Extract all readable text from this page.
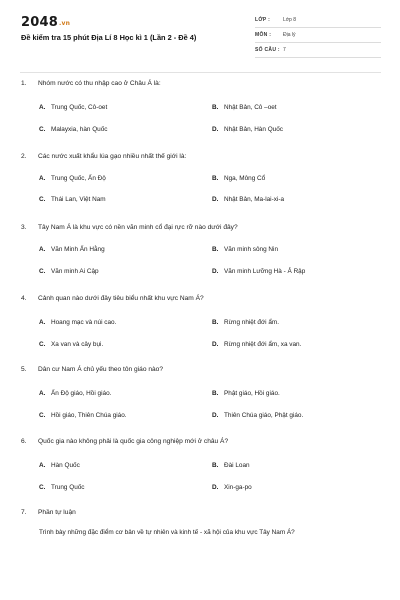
2048.vn
Đề kiểm tra 15 phút Địa Lí 8 Học kì 1 (Lần 2 - Đề 4)
LỚP :	Lớp 8
MÔN : Địa lý
SỐ CÂU : 7
1. Nhóm nước có thu nhập cao ở Châu Á là:
A. Trung Quốc, Cô-oet	B. Nhật Bản, Cô –oet
C. Malayxia, hàn Quốc	D. Nhật Bản, Hàn Quốc
2. Các nước xuất khẩu lúa gạo nhiều nhất thế giới là:
A. Trung Quốc, Ấn Độ	B. Nga, Mông Cổ
C. Thái Lan, Việt Nam	D. Nhật Bản, Ma-lai-xi-a
3. Tây Nam Á là khu vực có nền văn minh cổ đại rực rỡ nào dưới đây?
A. Văn Minh Ấn Hằng	B. Văn minh sông Nin
C. Văn minh Ai Cập	D. Văn minh Lưỡng Hà - Ả Rập
4. Cảnh quan nào dưới đây tiêu biểu nhất khu vực Nam Á?
A. Hoang mạc và núi cao.	B. Rừng nhiệt đới ẩm.
C. Xa van và cây bụi.	D. Rừng nhiệt đới ẩm, xa van.
5. Dân cư Nam Á chủ yếu theo tôn giáo nào?
A. Ấn Độ giáo, Hồi giáo.	B. Phật giáo, Hồi giáo.
C. Hồi giáo, Thiên Chúa giáo.	D. Thiên Chúa giáo, Phật giáo.
6. Quốc gia nào không phải là quốc gia công nghiệp mới ở châu Á?
A. Hàn Quốc	B. Đài Loan
C. Trung Quốc	D. Xin-ga-po
7. Phần tự luận
Trình bày những đặc điểm cơ bản về tự nhiên và kinh tế - xã hội của khu vực Tây Nam Á?
